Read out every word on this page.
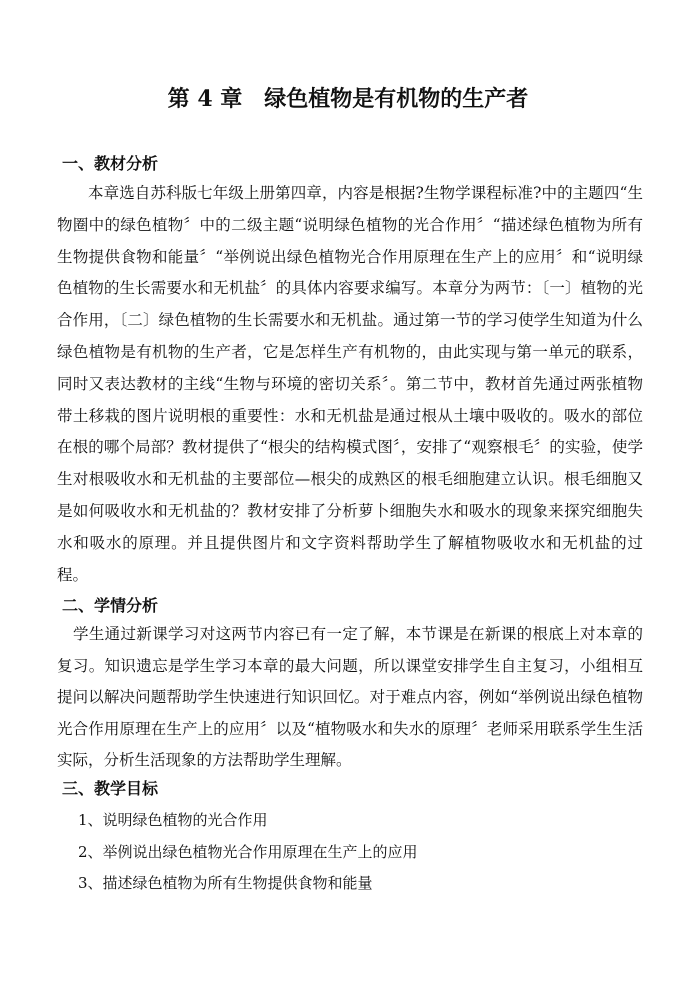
第 4 章　绿色植物是有机物的生产者
一、教材分析

本章选自苏科版七年级上册第四章，内容是根据?生物学课程标准?中的主题四“生物圈中的绿色植物〞中的二级主题“说明绿色植物的光合作用〞“描述绿色植物为所有生物提供食物和能量〞“举例说出绿色植物光合作用原理在生产上的应用〞和“说明绿色植物的生长需要水和无机盐〞的具体内容要求编写。本章分为两节：〔一〕植物的光合作用，〔二〕绿色植物的生长需要水和无机盐。通过第一节的学习使学生知道为什么绿色植物是有机物的生产者，它是怎样生产有机物的，由此实现与第一单元的联系，同时又表达教材的主线“生物与环境的密切关系〞。第二节中，教材首先通过两张植物带土移栽的图片说明根的重要性：水和无机盐是通过根从土壤中吸收的。吸水的部位在根的哪个局部？教材提供了“根尖的结构模式图〞，安排了“观察根毛〞的实验，使学生对根吸收水和无机盐的主要部位—根尖的成熟区的根毛细胞建立认识。根毛细胞又是如何吸收水和无机盐的？教材安排了分析萝卜细胞失水和吸水的现象来探究细胞失水和吸水的原理。并且提供图片和文字资料帮助学生了解植物吸收水和无机盐的过程。

二、学情分析

学生通过新课学习对这两节内容已有一定了解，本节课是在新课的根底上对本章的复习。知识遗忘是学生学习本章的最大问题，所以课堂安排学生自主复习，小组相互提问以解决问题帮助学生快速进行知识回忆。对于难点内容，例如“举例说出绿色植物光合作用原理在生产上的应用〞以及“植物吸水和失水的原理〞老师采用联系学生生活实际，分析生活现象的方法帮助学生理解。

三、教学目标
1、说明绿色植物的光合作用
2、举例说出绿色植物光合作用原理在生产上的应用
3、描述绿色植物为所有生物提供食物和能量
